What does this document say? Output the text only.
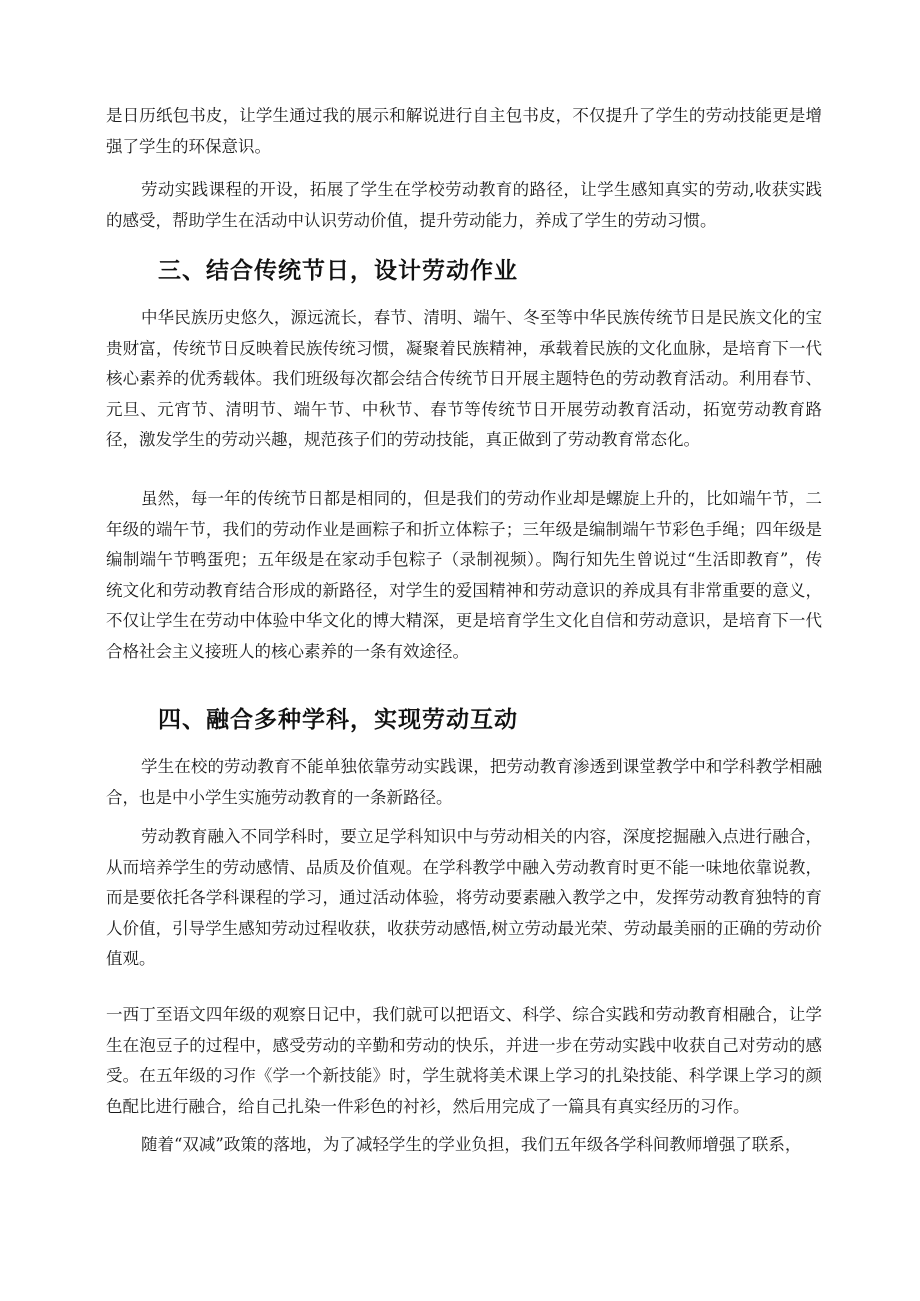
是日历纸包书皮，让学生通过我的展示和解说进行自主包书皮，不仅提升了学生的劳动技能更是增强了学生的环保意识。

劳动实践课程的开设，拓展了学生在学校劳动教育的路径，让学生感知真实的劳动,收获实践的感受，帮助学生在活动中认识劳动价值，提升劳动能力，养成了学生的劳动习惯。

三、结合传统节日，设计劳动作业

中华民族历史悠久，源远流长，春节、清明、端午、冬至等中华民族传统节日是民族文化的宝贵财富，传统节日反映着民族传统习惯，凝聚着民族精神，承载着民族的文化血脉，是培育下一代核心素养的优秀载体。我们班级每次都会结合传统节日开展主题特色的劳动教育活动。利用春节、元旦、元宵节、清明节、端午节、中秋节、春节等传统节日开展劳动教育活动，拓宽劳动教育路径，激发学生的劳动兴趣，规范孩子们的劳动技能，真正做到了劳动教育常态化。

虽然，每一年的传统节日都是相同的，但是我们的劳动作业却是螺旋上升的，比如端午节，二年级的端午节，我们的劳动作业是画粽子和折立体粽子；三年级是编制端午节彩色手绳；四年级是编制端午节鸭蛋兜；五年级是在家动手包粽子（录制视频）。陶行知先生曾说过“生活即教育”，传统文化和劳动教育结合形成的新路径，对学生的爱国精神和劳动意识的养成具有非常重要的意义，不仅让学生在劳动中体验中华文化的博大精深，更是培育学生文化自信和劳动意识，是培育下一代合格社会主义接班人的核心素养的一条有效途径。

四、融合多种学科，实现劳动互动

学生在校的劳动教育不能单独依靠劳动实践课，把劳动教育渗透到课堂教学中和学科教学相融合，也是中小学生实施劳动教育的一条新路径。

劳动教育融入不同学科时，要立足学科知识中与劳动相关的内容，深度挖掘融入点进行融合，从而培养学生的劳动感情、品质及价值观。在学科教学中融入劳动教育时更不能一味地依靠说教，而是要依托各学科课程的学习，通过活动体验，将劳动要素融入教学之中，发挥劳动教育独特的育人价值，引导学生感知劳动过程收获，收获劳动感悟,树立劳动最光荣、劳动最美丽的正确的劳动价值观。

一西丁至语文四年级的观察日记中，我们就可以把语文、科学、综合实践和劳动教育相融合，让学生在泡豆子的过程中，感受劳动的辛勤和劳动的快乐，并进一步在劳动实践中收获自己对劳动的感受。在五年级的习作《学一个新技能》时，学生就将美术课上学习的扎染技能、科学课上学习的颜色配比进行融合，给自己扎染一件彩色的衬衫，然后用完成了一篇具有真实经历的习作。

随着“双减”政策的落地，为了减轻学生的学业负担，我们五年级各学科间教师增强了联系，
